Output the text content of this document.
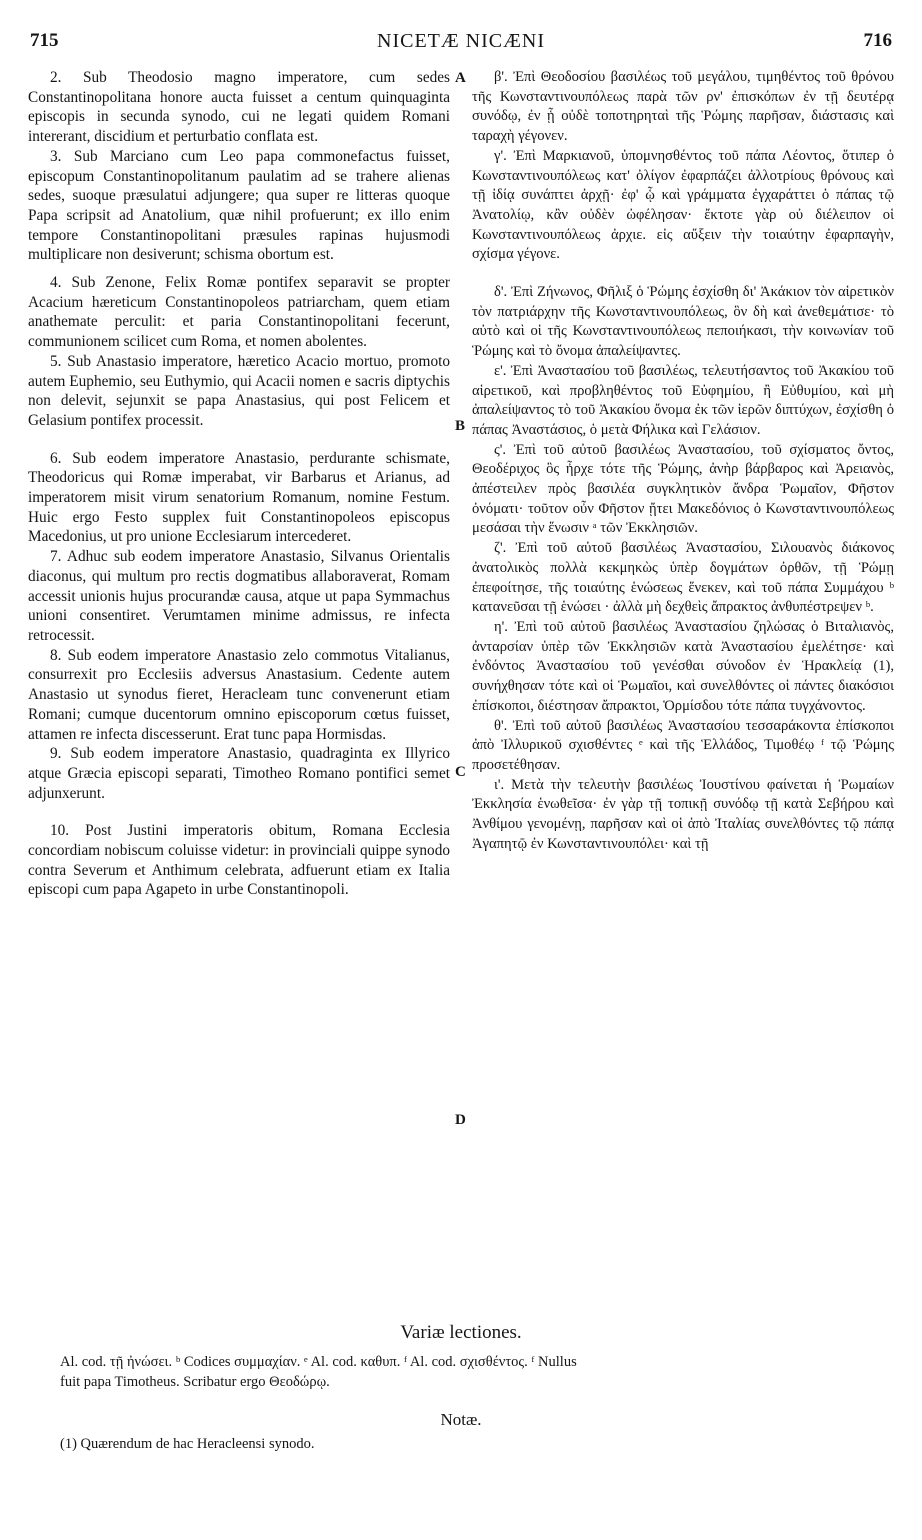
715	NICETÆ NICÆNI	716
A
B
C
D

2. Sub Theodosio magno imperatore, cum sedes Constantinopolitana honore aucta fuisset a centum quinquaginta episcopis in secunda synodo, cui ne legati quidem Romani intererant, discidium et perturbatio conflata est.

3. Sub Marciano cum Leo papa commonefactus fuisset, episcopum Constantinopolitanum paulatim ad se trahere alienas sedes, suoque præsulatui adjungere; qua super re litteras quoque Papa scripsit ad Anatolium, quæ nihil profuerunt; ex illo enim tempore Constantinopolitani præsules rapinas hujusmodi multiplicare non desiverunt; schisma obortum est.

4. Sub Zenone, Felix Romæ pontifex separavit se propter Acacium hæreticum Constantinopoleos patriarcham, quem etiam anathemate perculit: et paria Constantinopolitani fecerunt, communionem scilicet cum Roma, et nomen abolentes.

5. Sub Anastasio imperatore, hæretico Acacio mortuo, promoto autem Euphemio, seu Euthymio, qui Acacii nomen e sacris diptychis non delevit, sejunxit se papa Anastasius, qui post Felicem et Gelasium pontifex processit.

6. Sub eodem imperatore Anastasio, perdurante schismate, Theodoricus qui Romæ imperabat, vir Barbarus et Arianus, ad imperatorem misit virum senatorium Romanum, nomine Festum. Huic ergo Festo supplex fuit Constantinopoleos episcopus Macedonius, ut pro unione Ecclesiarum intercederet.

7. Adhuc sub eodem imperatore Anastasio, Silvanus Orientalis diaconus, qui multum pro rectis dogmatibus allaboraverat, Romam accessit unionis hujus procurandæ causa, atque ut papa Symmachus unioni consentiret. Verumtamen minime admissus, re infecta retrocessit.

8. Sub eodem imperatore Anastasio zelo commotus Vitalianus, consurrexit pro Ecclesiis adversus Anastasium. Cedente autem Anastasio ut synodus fieret, Heracleam tunc convenerunt etiam Romani; cumque ducentorum omnino episcoporum cœtus fuisset, attamen re infecta discesserunt. Erat tunc papa Hormisdas.

9. Sub eodem imperatore Anastasio, quadraginta ex Illyrico atque Græcia episcopi separati, Timotheo Romano pontifici semet adjunxerunt.

10. Post Justini imperatoris obitum, Romana Ecclesia concordiam nobiscum coluisse videtur: in provinciali quippe synodo contra Severum et Anthimum celebrata, adfuerunt etiam ex Italia episcopi cum papa Agapeto in urbe Constantinopoli.

β'. Ἐπὶ Θεοδοσίου βασιλέως τοῦ μεγάλου, τιμηθέντος τοῦ θρόνου τῆς Κωνσταντινουπόλεως παρὰ τῶν ρν' ἐπισκόπων ἐν τῇ δευτέρᾳ συνόδῳ, ἐν ᾗ οὐδὲ τοποτηρηταὶ τῆς Ῥώμης παρῆσαν, διάστασις καὶ ταραχὴ γέγονεν.

γ'. Ἐπὶ Μαρκιανοῦ, ὑπομνησθέντος τοῦ πάπα Λέοντος, ὅτιπερ ὁ Κωνσταντινουπόλεως κατ' ὀλίγον ἐφαρπάζει ἀλλοτρίους θρόνους καὶ τῇ ἰδίᾳ συνάπτει ἀρχῇ· ἐφ' ᾧ καὶ γράμματα ἐγχαράττει ὁ πάπας τῷ Ἀνατολίῳ, κἂν οὐδὲν ὠφέλησαν· ἔκτοτε γὰρ οὐ διέλειπον οἱ Κωνσταντινουπόλεως ἀρχιε. εἰς αὔξειν τὴν τοιαύτην ἐφαρπαγὴν, σχίσμα γέγονε.

δ'. Ἐπὶ Ζήνωνος, Φῆλιξ ὁ Ῥώμης ἐσχίσθη δι' Ἀκάκιον τὸν αἱρετικὸν τὸν πατριάρχην τῆς Κωνσταντινουπόλεως, ὃν δὴ καὶ ἀνεθεμάτισε· τὸ αὐτὸ καὶ οἱ τῆς Κωνσταντινουπόλεως πεποιήκασι, τὴν κοινωνίαν τοῦ Ῥώμης καὶ τὸ ὄνομα ἀπαλείψαντες.

ε'. Ἐπὶ Ἀναστασίου τοῦ βασιλέως, τελευτήσαντος τοῦ Ἀκακίου τοῦ αἱρετικοῦ, καὶ προβληθέντος τοῦ Εὐφημίου, ἢ Εὐθυμίου, καὶ μὴ ἀπαλείψαντος τὸ τοῦ Ἀκακίου ὄνομα ἐκ τῶν ἱερῶν διπτύχων, ἐσχίσθη ὁ πάπας Ἀναστάσιος, ὁ μετὰ Φήλικα καὶ Γελάσιον.

ς'. Ἐπὶ τοῦ αὐτοῦ βασιλέως Ἀναστασίου, τοῦ σχίσματος ὄντος, Θεοδέριχος ὃς ἦρχε τότε τῆς Ῥώμης, ἀνὴρ βάρβαρος καὶ Ἀρειανὸς, ἀπέστειλεν πρὸς βασιλέα συγκλητικὸν ἄνδρα Ῥωμαῖον, Φῆστον ὀνόματι· τοῦτον οὖν Φῆστον ᾔτει Μακεδόνιος ὁ Κωνσταντινουπόλεως μεσάσαι τὴν ἕνωσιν ᵃ τῶν Ἐκκλησιῶν.

ζ'. Ἐπὶ τοῦ αὐτοῦ βασιλέως Ἀναστασίου, Σιλουανὸς διάκονος ἀνατολικὸς πολλὰ κεκμηκὼς ὑπὲρ δογμάτων ὀρθῶν, τῇ Ῥώμῃ ἐπεφοίτησε, τῆς τοιαύτης ἑνώσεως ἕνεκεν, καὶ τοῦ πάπα Συμμάχου ᵇ κατανεῦσαι τῇ ἑνώσει · ἀλλὰ μὴ δεχθεὶς ἄπρακτος ἀνθυπέστρεψεν ᵇ.

η'. Ἐπὶ τοῦ αὐτοῦ βασιλέως Ἀναστασίου ζηλώσας ὁ Βιταλιανὸς, ἀνταρσίαν ὑπὲρ τῶν Ἐκκλησιῶν κατὰ Ἀναστασίου ἐμελέτησε· καὶ ἐνδόντος Ἀναστασίου τοῦ γενέσθαι σύνοδον ἐν Ἡρακλείᾳ (1), συνήχθησαν τότε καὶ οἱ Ῥωμαῖοι, καὶ συνελθόντες οἱ πάντες διακόσιοι ἐπίσκοποι, διέστησαν ἄπρακτοι, Ὁρμίσδου τότε πάπα τυγχάνοντος.

θ'. Ἐπὶ τοῦ αὐτοῦ βασιλέως Ἀναστασίου τεσσαράκοντα ἐπίσκοποι ἀπὸ Ἰλλυρικοῦ σχισθέντες ᵉ καὶ τῆς Ἑλλάδος, Τιμοθέῳ ᶠ τῷ Ῥώμης προσετέθησαν.

ι'. Μετὰ τὴν τελευτὴν βασιλέως Ἰουστίνου φαίνεται ἡ Ῥωμαίων Ἐκκλησία ἑνωθεῖσα· ἐν γὰρ τῇ τοπικῇ συνόδῳ τῇ κατὰ Σεβήρου καὶ Ἀνθίμου γενομένῃ, παρῆσαν καὶ οἱ ἀπὸ Ἰταλίας συνελθόντες τῷ πάπᾳ Ἀγαπητῷ ἐν Κωνσταντινουπόλει· καὶ τῇ

Variæ lectiones.
Al. cod. τῇ ἠνώσει. ᵇ Codices συμμαχίαν. ᵉ Al. cod. καθυπ. ᶠ Al. cod. σχισθέντος. ᶠ Nullus
fuit papa Timotheus. Scribatur ergo Θεοδώρῳ.
Notæ.
(1) Quærendum de hac Heracleensi synodo.
